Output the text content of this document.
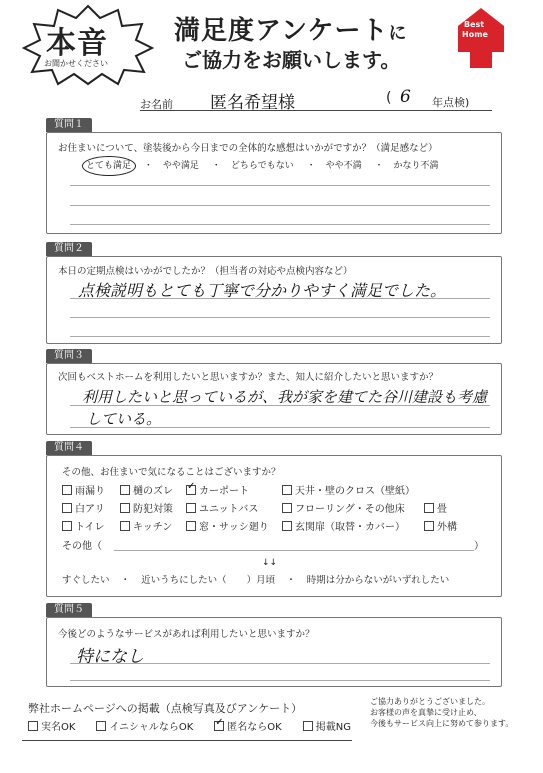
本音
お聞かせください
満足度アンケートに
ご協力をお願いします。
Best
Home
お名前 匿名希望様	( 6 年点検)
質問１
お住まいについて、塗装後から今日までの全体的な感想はいかがですか？（満足感など）
とても満足 ・ やや満足 ・ どちらでもない ・ やや不満 ・ かなり不満
質問２
本日の定期点検はいかがでしたか？（担当者の対応や点検内容など）
点検説明もとても丁寧で分かりやすく満足でした。
質問３
次回もベストホームを利用したいと思いますか？また、知人に紹介したいと思いますか？
利用したいと思っているが、我が家を建てた谷川建設も考慮
している。
質問４
その他、お住まいで気になることはございますか？
雨漏り	樋のズレ ✓	カーポート	天井・壁のクロス（壁紙）
白アリ	防犯対策	ユニットバス	フローリング・その他床	畳
トイレ	キッチン	窓・サッシ廻り	玄関扉（取替・カバー）	外構
その他（	）
↓↓
すぐしたい ・ 近いうちにしたい（ ）月頃 ・ 時期は分からないがいずれしたい
質問５
今後どのようなサービスがあれば利用したいと思いますか？
特になし
弊社ホームページへの掲載（点検写真及びアンケート）
実名OK	イニシャルならOK ✓	匿名ならOK	掲載NG
ご協力ありがとうございました。
お客様の声を真摯に受け止め、
今後もサービス向上に努めて参ります。
